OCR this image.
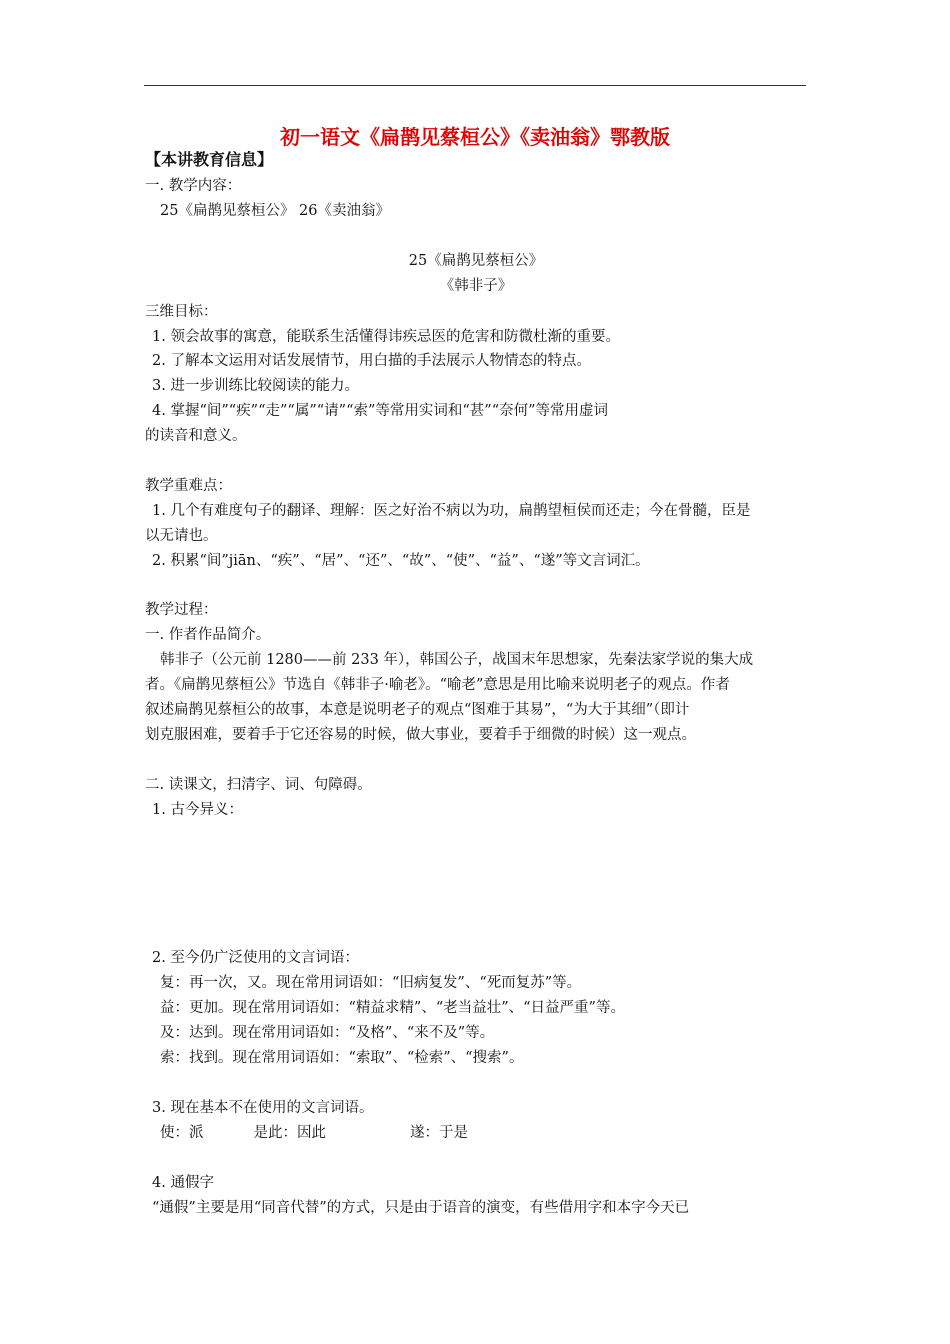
初一语文《扁鹊见蔡桓公》《卖油翁》鄂教版
【本讲教育信息】
一. 教学内容：
25《扁鹊见蔡桓公》 26《卖油翁》
25《扁鹊见蔡桓公》
《韩非子》
三维目标：
1. 领会故事的寓意，能联系生活懂得讳疾忌医的危害和防微杜渐的重要。
2. 了解本文运用对话发展情节，用白描的手法展示人物情态的特点。
3. 进一步训练比较阅读的能力。
4. 掌握“间”“疾”“走”“属”“请”“索”等常用实词和“甚”“奈何”等常用虚词
的读音和意义。
教学重难点：
1. 几个有难度句子的翻译、理解：医之好治不病以为功，扁鹊望桓侯而还走；今在骨髓，臣是
以无请也。
2. 积累“间”jiān、“疾”、“居”、“还”、“故”、“使”、“益”、“遂”等文言词汇。
教学过程：
一. 作者作品简介。
韩非子（公元前 1280——前 233 年），韩国公子，战国末年思想家，先秦法家学说的集大成
者。《扁鹊见蔡桓公》节选自《韩非子·喻老》。“喻老”意思是用比喻来说明老子的观点。作者
叙述扁鹊见蔡桓公的故事，本意是说明老子的观点“图难于其易”，“为大于其细”（即计
划克服困难，要着手于它还容易的时候，做大事业，要着手于细微的时候）这一观点。
二. 读课文，扫清字、词、句障碍。
1. 古今异义：
2. 至今仍广泛使用的文言词语：
复：再一次，又。现在常用词语如：“旧病复发”、“死而复苏”等。
益：更加。现在常用词语如：“精益求精”、“老当益壮”、“日益严重”等。
及：达到。现在常用词语如：“及格”、“来不及”等。
索：找到。现在常用词语如：“索取”、“检索”、“搜索”。
3. 现在基本不在使用的文言词语。
使：派	是此：因此	遂：于是
4. 通假字
“通假”主要是用“同音代替”的方式，只是由于语音的演变，有些借用字和本字今天已
